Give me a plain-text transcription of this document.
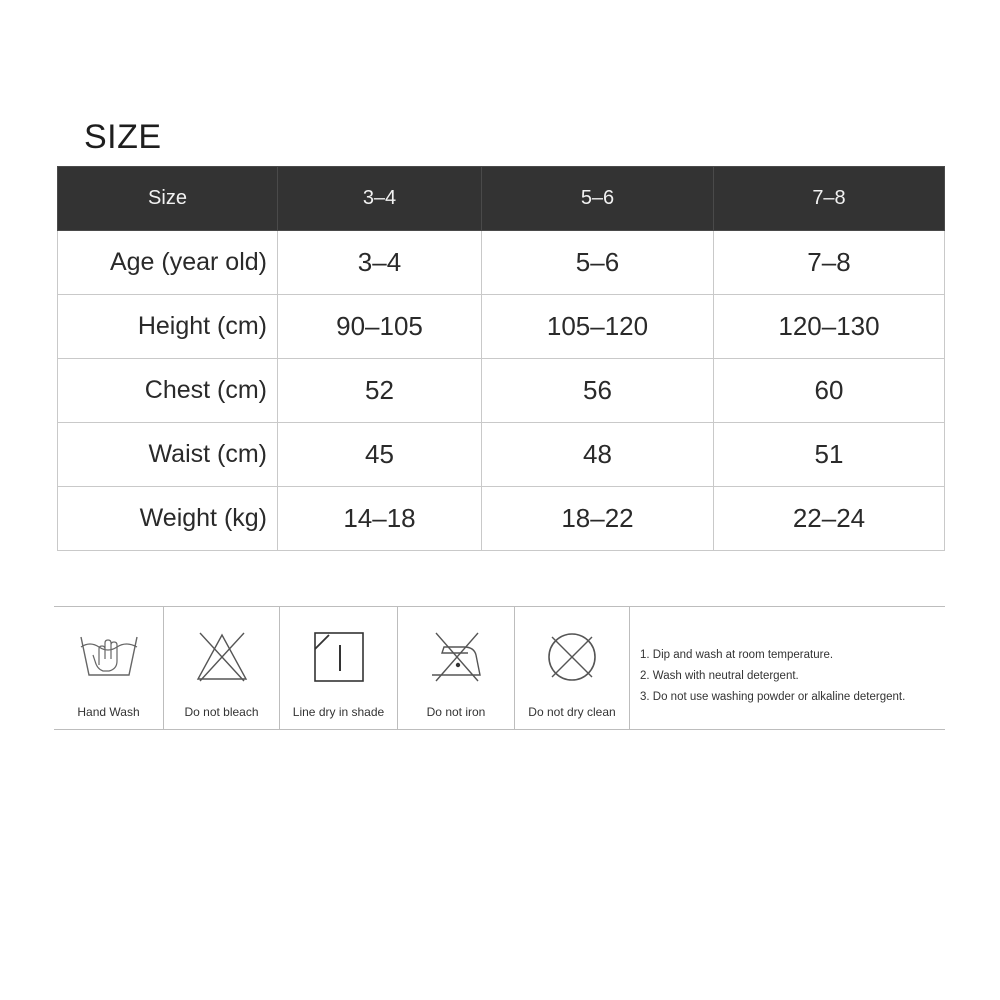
SIZE
Size	3–4	5–6	7–8
Age (year old)	3–4	5–6	7–8
Height (cm)	90–105	105–120	120–130
Chest (cm)	52	56	60
Waist (cm)	45	48	51
Weight (kg)	14–18	18–22	22–24
Hand Wash	Do not bleach	Line dry in shade	Do not iron	Do not dry clean
1. Dip and wash at room temperature.
2. Wash with neutral detergent.
3. Do not use washing powder or alkaline detergent.
